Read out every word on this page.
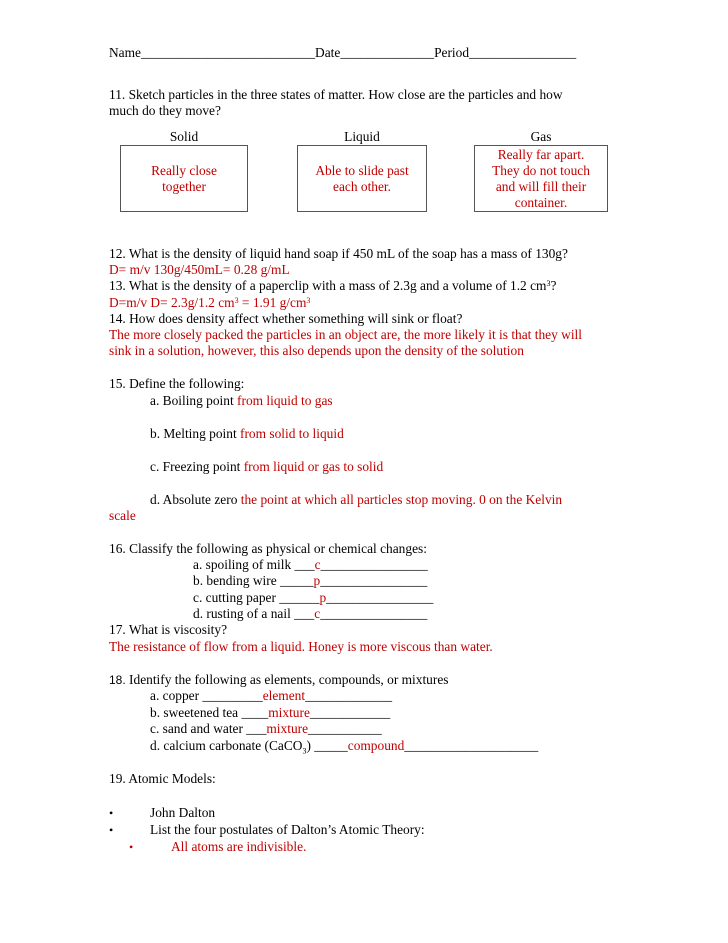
Name__________________________Date______________Period________________
11. Sketch particles in the three states of matter. How close are the particles and how
much do they move?
Solid	Liquid	Gas
Really close together
Able to slide past each other.
Really far apart. They do not touch and will fill their container.
12. What is the density of liquid hand soap if 450 mL of the soap has a mass of 130g?
D= m/v 130g/450mL= 0.28 g/mL
13. What is the density of a paperclip with a mass of 2.3g and a volume of 1.2 $cm^3$?
D=m/v D= 2.3g/1.2 $cm^3 = 1.91$ $g/cm^3$
14. How does density affect whether something will sink or float?
The more closely packed the particles in an object are, the more likely it is that they will
sink in a solution, however, this also depends upon the density of the solution
15. Define the following:
a. Boiling point from liquid to gas
b. Melting point from solid to liquid
c. Freezing point from liquid or gas to solid
d. Absolute zero the point at which all particles stop moving. 0 on the Kelvin
scale
16. Classify the following as physical or chemical changes:
a. spoiling of milk ___c________________
b. bending wire _____p________________
c. cutting paper ______p________________
d. rusting of a nail ___c________________
17. What is viscosity?
The resistance of flow from a liquid. Honey is more viscous than water.
18. Identify the following as elements, compounds, or mixtures
a. copper _________element_____________
b. sweetened tea ____mixture____________
c. sand and water ___mixture___________
d. calcium carbonate (CaCO$_3$) _____compound____________________
19. Atomic Models:
•	John Dalton
•	List the four postulates of Dalton’s Atomic Theory:
•	All atoms are indivisible.
